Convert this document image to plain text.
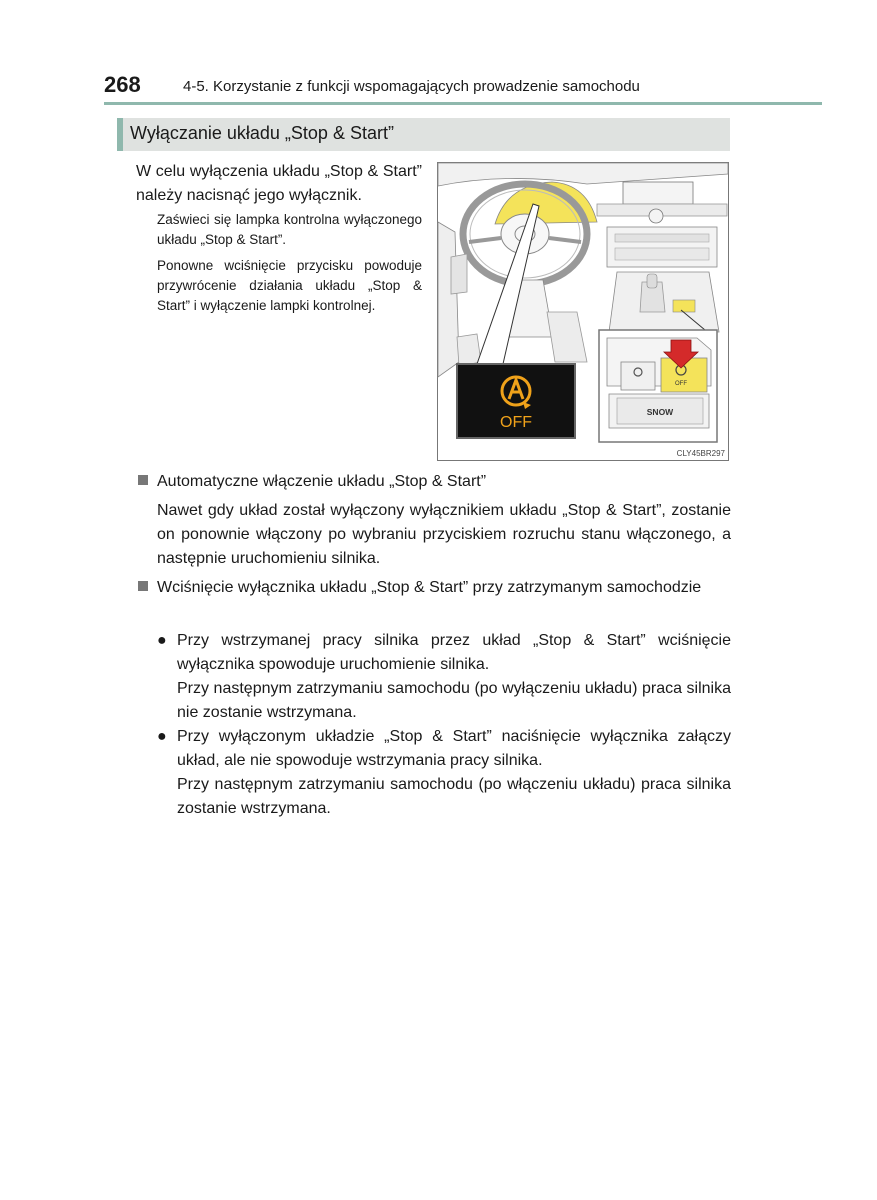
268	4-5. Korzystanie z funkcji wspomagających prowadzenie samochodu
Wyłączanie układu „Stop & Start”
W celu wyłączenia układu „Stop & Start” należy nacisnąć jego wyłącznik.
Zaświeci się lampka kontrolna wyłączonego układu „Stop & Start”.
Ponowne wciśnięcie przycisku powoduje przywrócenie działania układu „Stop & Start” i wyłączenie lampki kontrolnej.
OFF
OFF
SNOW
CLY45BR297
Automatyczne włączenie układu „Stop & Start”
Nawet gdy układ został wyłączony wyłącznikiem układu „Stop & Start”, zostanie on ponownie włączony po wybraniu przyciskiem rozruchu stanu włączonego, a następnie uruchomieniu silnika.
Wciśnięcie wyłącznika układu „Stop & Start” przy zatrzymanym samochodzie
● Przy wstrzymanej pracy silnika przez układ „Stop & Start” wciśnięcie wyłącznika spowoduje uruchomienie silnika.
Przy następnym zatrzymaniu samochodu (po wyłączeniu układu) praca silnika nie zostanie wstrzymana.
● Przy wyłączonym układzie „Stop & Start” naciśnięcie wyłącznika załączy układ, ale nie spowoduje wstrzymania pracy silnika.
Przy następnym zatrzymaniu samochodu (po włączeniu układu) praca silnika zostanie wstrzymana.
